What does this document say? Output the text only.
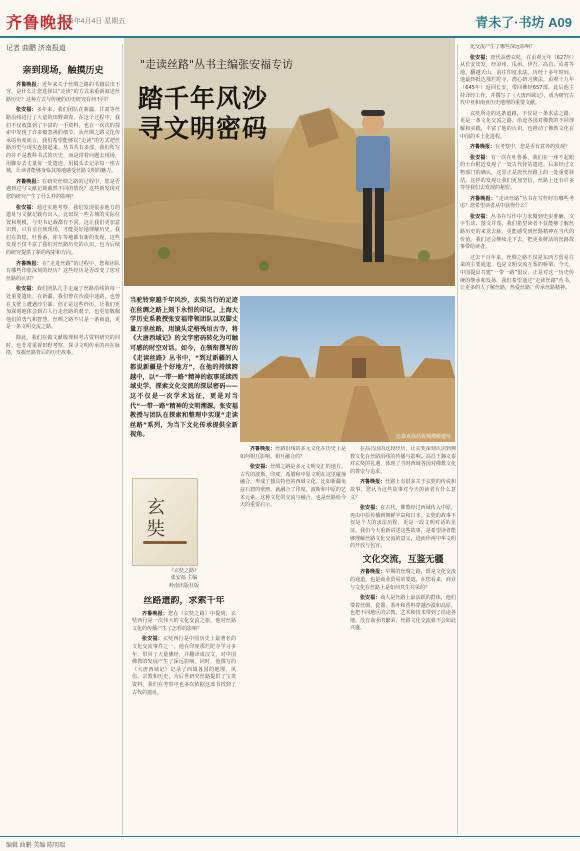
齐鲁晚报
2025年4月4日 星期五	青未了·书坊 A09
记者 曲鹏 济南报道
亲到现场，触摸历史

齐鲁晚报：近年来关于丝绸之路的书籍层出不穷，是什么让您选择以“走读”的方式来重新叙述丝路历史？这种方式与传统的历史研究有何不同？

张安福：多年来，我们团队在新疆、甘肃等丝路沿线进行了大量的田野调查。在这个过程中，我们不仅收集到了丰富的一手资料，也在一次次的探索中发现了许多被忽视的细节。从丝绸之路文化传承的角度而言，我们希望能够以“走读”的方式把丝路历史与现实连接起来。丛书共有多部，我们所写的并不是教科书式的历史，而是带着问题去现场，用脚步去丈量每一处遗迹，用镜头去记录每一座古城，让读者能够身临其境地感受丝路文明的魅力。

齐鲁晚报：在研究丝绸之路的过程中，您是否遇到过与文献记载截然不同的情况？这些新发现对您的研究产生了什么样的影响？

张安福：通过实地考察，我们发现很多地方的遗址与文献记载有出入。比如说一些古城的实际位置和规模，与史书记载都有不同。这让我们更加意识到，只有亲自到现场，才能更好地理解历史。我们在敦煌、吐鲁番、库车等地都有新的发现，这些发现不仅丰富了我们对丝路历史的认识，也为后续的研究提供了新的线索和方向。

齐鲁晚报：在“走进丝路”的过程中，您和团队有哪些印象深刻的经历？这些经历是否改变了您对丝路的认识？

张安福：我们团队几乎走遍了丝路沿线的每一处重要遗址。在新疆，我们曾在沙漠中迷路，也曾在戈壁上遭遇沙尘暴。但正是这些经历，让我们更加深刻地体会到古人行走丝路的艰辛，也更加敬佩他们的勇气和智慧。丝绸之路不只是一条商道，更是一条文明交流之路。

除此，我们在做文献梳理和考古资料研究的同时，也非常重视田野考察，探寻文明传承的内在脉络，发掘丝路背后的历史故事。

"走读丝路"丛书主编张安福专访
踏千年风沙
寻文明密码
当驼铃穿越千年风沙，玄奘当行的足迹在丝绸之路上刻下永恒的印记。上海大学历史系教授张安福带领团队以双脚丈量万里丝路，用镜头定格残垣古寺，将《大唐西域记》的文字密码转化为可触可感的时空对话。如今，在领衔撰写的《走读丝路》丛书中，“到过新疆的人都说新疆是个好地方”，在他的持续跨越中，以“一带一路”精神的叙事延续西域史学，探索文化交流的深层密码——这不仅是一次学术远征，更是对当代“一带一路”精神的文明溯源。张安福教授与团队在探索和整理中实现“走读丝路”系列，为当下文化传承提供全新视角。	比泰克高昌故城佛殿遗址
玄奘
《玄奘之路》
张安福 主编
岭南出版社版
丝路遗韵，求索千年

齐鲁晚报：您在《玄奘之路》中提到，玄奘西行是一次伟大的文化交流之旅，他对丝路文化的传播产生了怎样的影响？

张安福：玄奘西行是中国历史上最著名的文化交流事件之一。他在印度那烂陀寺学习多年，带回了大量佛经，并翻译成汉文，对中国佛教的发展产生了深远影响。同时，他撰写的《大唐西域记》记录了西域各国的地理、风俗、宗教和历史，为后世研究丝路提供了宝贵资料。我们在考察中也多次依据这部书找到了古代的遗址。

齐鲁晚报：丝路沿线的多元文化在历史上是如何相互影响、相互融合的？

张安福：丝绸之路是多元文明交汇的地方。古代的波斯、印度、希腊和中原文明在这里碰撞融合，形成了独具特色的西域文化。比如新疆龟兹石窟的壁画，就融合了印度、波斯和中原的艺术元素。这种文化的交流与融合，也是丝路给今天的重要启示。

在高昌国的这段经历，让玄奘深刻认识到佛教文化在丝路沿线的传播与影响。高昌王麹文泰对玄奘的礼遇，体现了当时西域各国对佛教文化的尊崇与追求。

齐鲁晚报：丝路上有很多关于玄奘的传说和故事，您认为这些故事对今天的读者有什么意义？

张安福：在古代，佛教经过西域传入中原，再由中原传播到朝鲜半岛和日本。玄奘的故事不仅是个人的求法历程，更是一段文明对话的见证。我们今天重新讲述这些故事，是希望读者能够理解丝路文化交流的意义，进而珍视中华文明的开放与包容。

文化交流，互鉴无疆

齐鲁晚报：早期的丝绸之路，既是文化交流的通道，也是商业贸易的要道。在您看来，商业与文化在丝路上是如何共生共荣的？

张安福：商人是丝路上最活跃的群体，他们带着丝绸、瓷器、茶叶和香料穿越沙漠和高原，也把不同地区的宗教、艺术和技术带到了沿途各地。没有商业的繁荣，丝路文化交流就不会如此兴盛。

化交流产生了哪些深远影响？

张安福：唐代高僧玄奘，在贞观元年（627年）从长安出发，经凉州、瓜州、伊吾、高昌、焉耆等地，翻越天山，前往印度求法。历经十多年时间，他最终抵达那烂陀寺，潜心研习佛法。贞观十九年（645年）返回长安，带回佛经657部。此后他主持译经工作，并撰写了《大唐西域记》，成为研究古代中亚和南亚历史地理的重要文献。

玄奘所走的这条道路，不仅是一条求法之路，更是一条文化交流之路。沿途各国对佛教的不同理解和实践，丰富了他的认识，也推动了佛教文化在中国的本土化进程。

齐鲁晚报：在考察中，您是否有意外的发现？

张安福：有一次在吐鲁番，我们在一座不起眼的土台附近发现了一处古代驿站遗迹。后来经过文物部门的确认，这里正是唐代丝路上的一处重要驿站。这样的发现让我们更加坚信，丝路上还有许多等待我们去发现的秘密。

齐鲁晚报：“走读丝路”丛书在写作时有哪些考虑？您希望读者从中获得什么？

张安福：丛书在写作中力求做到史实准确、文字生动、图文并茂。我们希望读者不仅能够了解丝路历史的来龙去脉，更能感受到丝路精神在当代的价值。我们还会继续走下去，把更多鲜活的丝路故事带给读者。

过去千百年来，丝绸之路不仅是东西方贸易往来的主要通道，也是文明交流互鉴的桥梁。今天，中国提出共建“一带一路”倡议，正是对这一历史传统的继承和发扬。我们希望通过“走读丝路”丛书，让更多的人了解丝路，热爱丝路，传承丝路精神。

编辑 曲鹏 美编 陈明瑞
